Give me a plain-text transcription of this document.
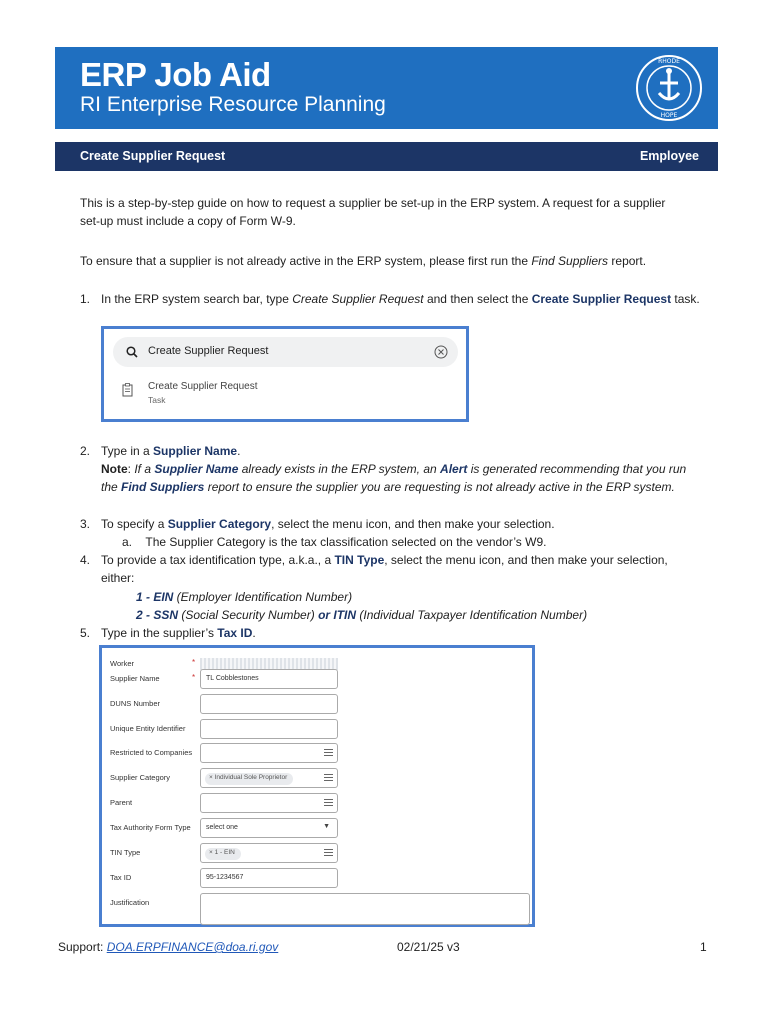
ERP Job Aid
RI Enterprise Resource Planning
RHODE
HOPE
Create Supplier Request	Employee
This is a step-by-step guide on how to request a supplier be set-up in the ERP system. A request for a supplier set-up must include a copy of Form W-9.
To ensure that a supplier is not already active in the ERP system, please first run the Find Suppliers report.
1. In the ERP system search bar, type Create Supplier Request and then select the Create Supplier Request task.
Create Supplier Request
Create Supplier Request
Task
2. Type in a Supplier Name.
Note: If a Supplier Name already exists in the ERP system, an Alert is generated recommending that you run the Find Suppliers report to ensure the supplier you are requesting is not already active in the ERP system.
3. To specify a Supplier Category, select the menu icon, and then make your selection.
a. The Supplier Category is the tax classification selected on the vendor’s W9.
4. To provide a tax identification type, a.k.a., a TIN Type, select the menu icon, and then make your selection, either:
1 - EIN (Employer Identification Number)
2 - SSN (Social Security Number) or ITIN (Individual Taxpayer Identification Number)
5. Type in the supplier’s Tax ID.
Worker	*
Supplier Name	* TL Cobblestones
DUNS Number
Unique Entity Identifier
Restricted to Companies
Supplier Category	× Individual Sole Proprietor
Parent
Tax Authority Form Type select one	▼
TIN Type	× 1 - EIN
Tax ID	95-1234567
Justification
Support: DOA.ERPFINANCE@doa.ri.gov	02/21/25 v3	1
